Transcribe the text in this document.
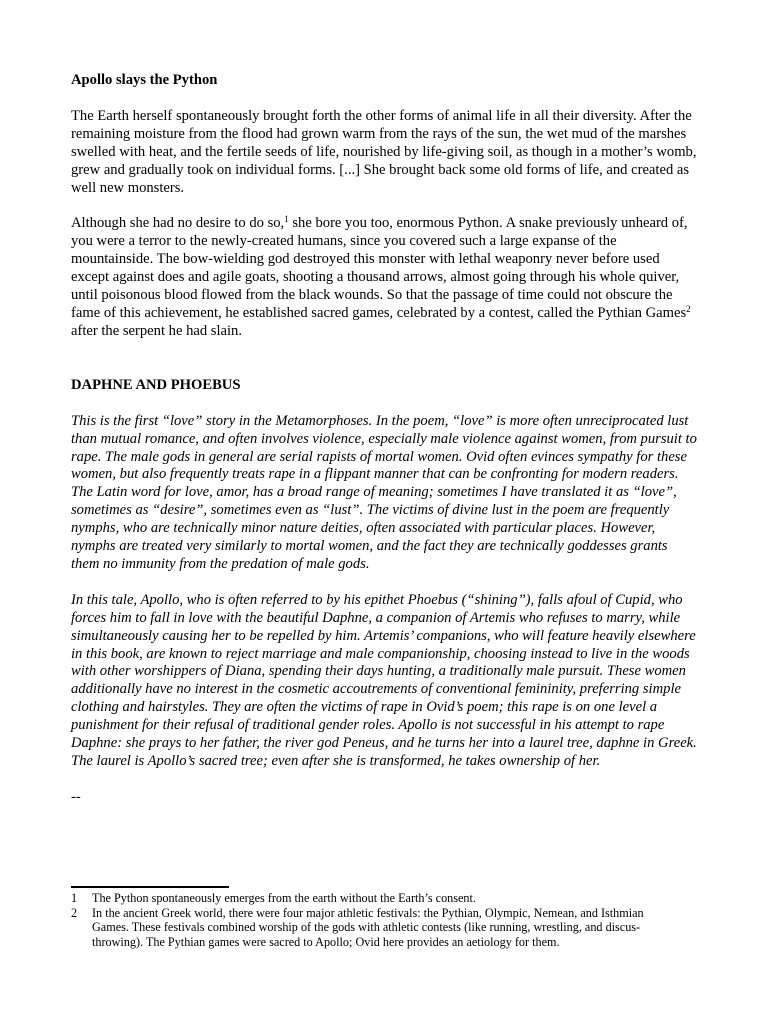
Apollo slays the Python

The Earth herself spontaneously brought forth the other forms of animal life in all their diversity. After the remaining moisture from the flood had grown warm from the rays of the sun, the wet mud of the marshes swelled with heat, and the fertile seeds of life, nourished by life-giving soil, as though in a mother’s womb, grew and gradually took on individual forms. [...] She brought back some old forms of life, and created as well new monsters.

Although she had no desire to do so,$^1$ she bore you too, enormous Python. A snake previously unheard of, you were a terror to the newly-created humans, since you covered such a large expanse of the mountainside. The bow-wielding god destroyed this monster with lethal weaponry never before used except against does and agile goats, shooting a thousand arrows, almost going through his whole quiver, until poisonous blood flowed from the black wounds. So that the passage of time could not obscure the fame of this achievement, he established sacred games, celebrated by a contest, called the Pythian Games$^2$ after the serpent he had slain.

DAPHNE AND PHOEBUS

This is the first “love” story in the Metamorphoses. In the poem, “love” is more often unreciprocated lust than mutual romance, and often involves violence, especially male violence against women, from pursuit to rape. The male gods in general are serial rapists of mortal women. Ovid often evinces sympathy for these women, but also frequently treats rape in a flippant manner that can be confronting for modern readers. The Latin word for love, amor, has a broad range of meaning; sometimes I have translated it as “love”, sometimes as “desire”, sometimes even as “lust”. The victims of divine lust in the poem are frequently nymphs, who are technically minor nature deities, often associated with particular places. However, nymphs are treated very similarly to mortal women, and the fact they are technically goddesses grants them no immunity from the predation of male gods.

In this tale, Apollo, who is often referred to by his epithet Phoebus (“shining”), falls afoul of Cupid, who forces him to fall in love with the beautiful Daphne, a companion of Artemis who refuses to marry, while simultaneously causing her to be repelled by him. Artemis’ companions, who will feature heavily elsewhere in this book, are known to reject marriage and male companionship, choosing instead to live in the woods with other worshippers of Diana, spending their days hunting, a traditionally male pursuit. These women additionally have no interest in the cosmetic accoutrements of conventional femininity, preferring simple clothing and hairstyles. They are often the victims of rape in Ovid’s poem; this rape is on one level a punishment for their refusal of traditional gender roles. Apollo is not successful in his attempt to rape Daphne: she prays to her father, the river god Peneus, and he turns her into a laurel tree, daphne in Greek. The laurel is Apollo’s sacred tree; even after she is transformed, he takes ownership of her.

--

1 The Python spontaneously emerges from the earth without the Earth’s consent.

2 In the ancient Greek world, there were four major athletic festivals: the Pythian, Olympic, Nemean, and Isthmian Games. These festivals combined worship of the gods with athletic contests (like running, wrestling, and discus-throwing). The Pythian games were sacred to Apollo; Ovid here provides an aetiology for them.
